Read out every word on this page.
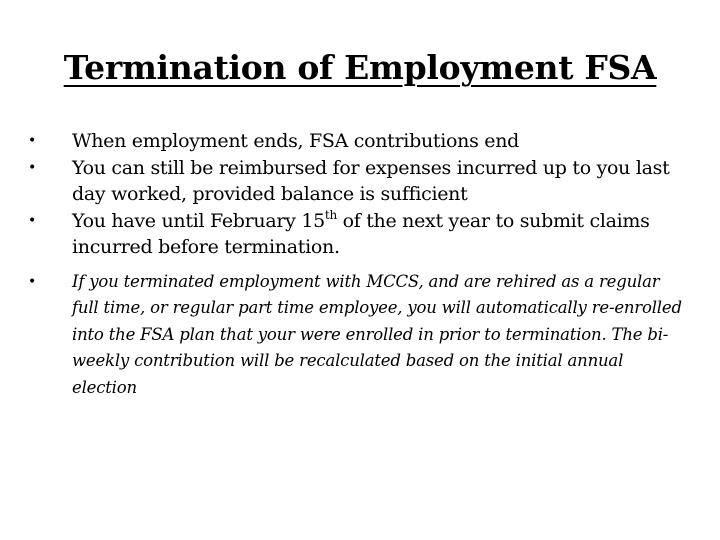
Termination of Employment FSA
•	When employment ends, FSA contributions end
•	You can still be reimbursed for expenses incurred up to you last day worked, provided balance is sufficient
•	You have until February 15th of the next year to submit claims incurred before termination.
•	If you terminated employment with MCCS, and are rehired as a regular full time, or regular part time employee, you will automatically re-enrolled into the FSA plan that your were enrolled in prior to termination. The bi-weekly contribution will be recalculated based on the initial annual election
